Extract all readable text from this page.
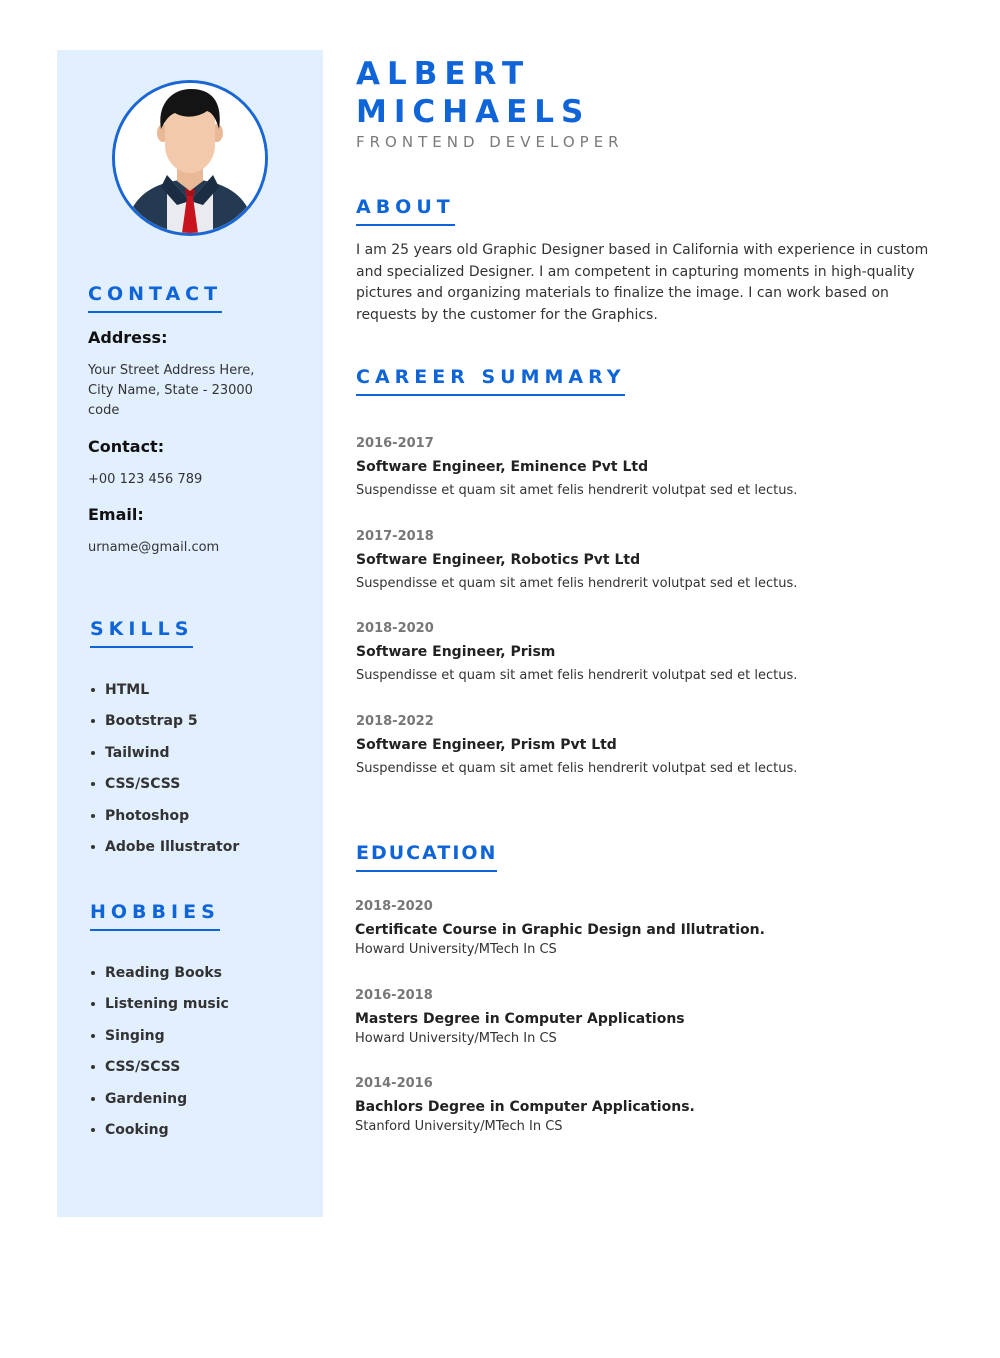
CONTACT
Address:
Your Street Address Here, City Name, State - 23000 code
Contact:
+00 123 456 789
Email:
urname@gmail.com
SKILLS
HTML
Bootstrap 5
Tailwind
CSS/SCSS
Photoshop
Adobe Illustrator
HOBBIES
Reading Books
Listening music
Singing
CSS/SCSS
Gardening
Cooking
ALBERT
MICHAELS
FRONTEND DEVELOPER
ABOUT

I am 25 years old Graphic Designer based in California with experience in custom and specialized Designer. I am competent in capturing moments in high-quality pictures and organizing materials to finalize the image. I can work based on requests by the customer for the Graphics.

CAREER SUMMARY
2016-2017
Software Engineer, Eminence Pvt Ltd
Suspendisse et quam sit amet felis hendrerit volutpat sed et lectus.
2017-2018
Software Engineer, Robotics Pvt Ltd
Suspendisse et quam sit amet felis hendrerit volutpat sed et lectus.
2018-2020
Software Engineer, Prism
Suspendisse et quam sit amet felis hendrerit volutpat sed et lectus.
2018-2022
Software Engineer, Prism Pvt Ltd
Suspendisse et quam sit amet felis hendrerit volutpat sed et lectus.
EDUCATION
2018-2020
Certificate Course in Graphic Design and Illutration.
Howard University/MTech In CS
2016-2018
Masters Degree in Computer Applications
Howard University/MTech In CS
2014-2016
Bachlors Degree in Computer Applications.
Stanford University/MTech In CS
